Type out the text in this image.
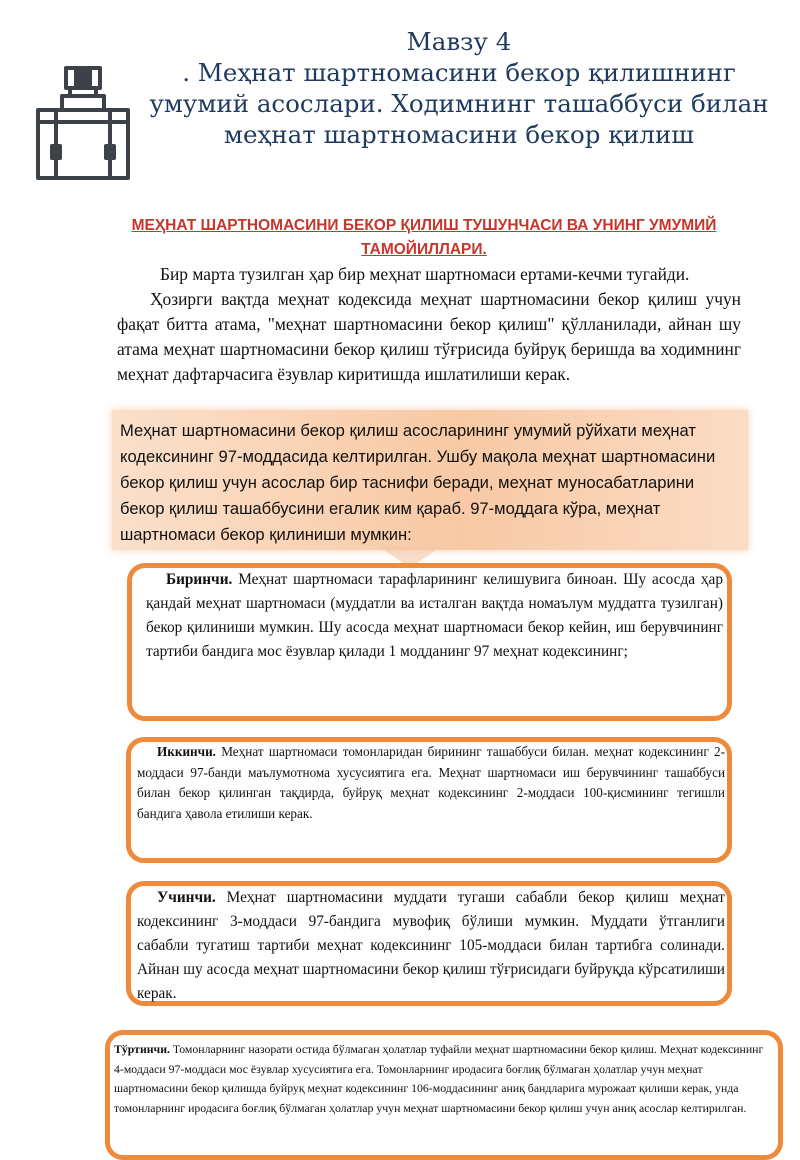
Мавзу 4
. Меҳнат шартномасини бекор қилишнинг умумий асослари. Ходимнинг ташаббуси билан меҳнат шартномасини бекор қилиш
МЕҲНАТ ШАРТНОМАСИНИ БЕКОР ҚИЛИШ ТУШУНЧАСИ ВА УНИНГ УМУМИЙ ТАМОЙИЛЛАРИ.
Бир марта тузилган ҳар бир меҳнат шартномаси ертами-кечми тугайди.
Ҳозирги вақтда меҳнат кодексида меҳнат шартномасини бекор қилиш учун фақат битта атама, "меҳнат шартномасини бекор қилиш" қўлланилади, айнан шу атама меҳнат шартномасини бекор қилиш тўғрисида буйруқ беришда ва ходимнинг меҳнат дафтарчасига ёзувлар киритишда ишлатилиши керак.
Меҳнат шартномасини бекор қилиш асосларининг умумий рўйхати меҳнат кодексининг 97-моддасида келтирилган. Ушбу мақола меҳнат шартномасини бекор қилиш учун асослар бир таснифи беради, меҳнат муносабатларини бекор қилиш ташаббусини егалик ким қараб. 97-моддага кўра, меҳнат шартномаси бекор қилиниши мумкин:
Биринчи. Меҳнат шартномаси тарафларининг келишувига биноан. Шу асосда ҳар қандай меҳнат шартномаси (муддатли ва исталган вақтда номаълум муддатга тузилган) бекор қилиниши мумкин. Шу асосда меҳнат шартномаси бекор кейин, иш берувчининг тартиби бандига мос ёзувлар қилади 1 модданинг 97 меҳнат кодексининг;
Иккинчи. Меҳнат шартномаси томонларидан бирининг ташаббуси билан. меҳнат кодексининг 2-моддаси 97-банди маълумотнома хусусиятига ега. Меҳнат шартномаси иш берувчининг ташаббуси билан бекор қилинган тақдирда, буйруқ меҳнат кодексининг 2-моддаси 100-қисмининг тегишли бандига ҳавола етилиши керак.
Учинчи. Меҳнат шартномасини муддати тугаши сабабли бекор қилиш меҳнат кодексининг 3-моддаси 97-бандига мувофиқ бўлиши мумкин. Муддати ўтганлиги сабабли тугатиш тартиби меҳнат кодексининг 105-моддаси билан тартибга солинади. Айнан шу асосда меҳнат шартномасини бекор қилиш тўғрисидаги буйруқда кўрсатилиши керак.
Тўртинчи. Томонларнинг назорати остида бўлмаган ҳолатлар туфайли меҳнат шартномасини бекор қилиш. Меҳнат кодексининг 4-моддаси 97-моддаси мос ёзувлар хусусиятига ега. Томонларнинг иродасига боғлиқ бўлмаган ҳолатлар учун меҳнат шартномасини бекор қилишда буйруқ меҳнат кодексининг 106-моддасининг аниқ бандларига мурожаат қилиши керак, унда томонларнинг иродасига боғлиқ бўлмаган ҳолатлар учун меҳнат шартномасини бекор қилиш учун аниқ асослар келтирилган.
